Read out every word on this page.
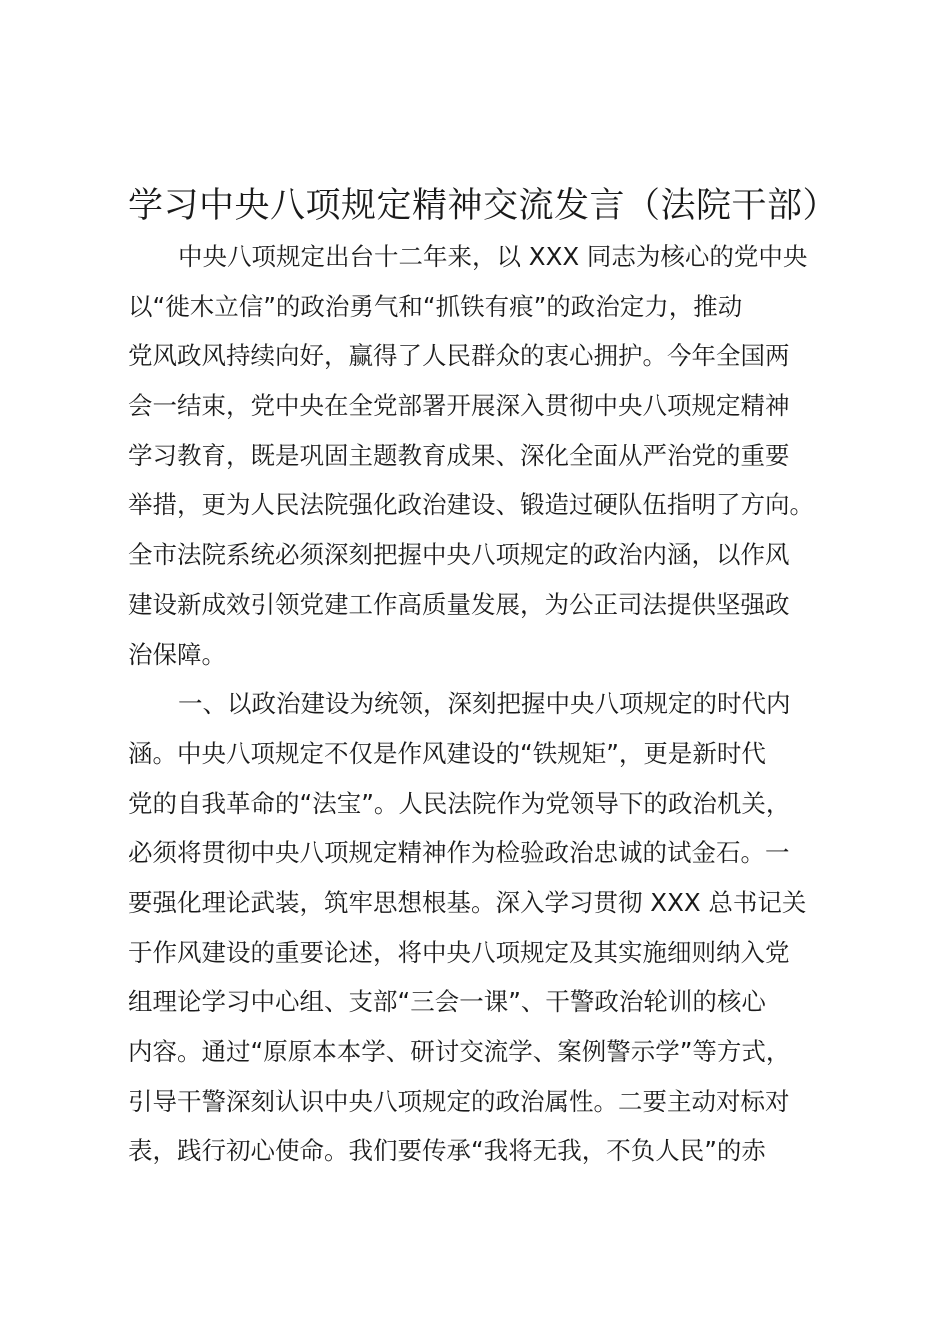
学习中央八项规定精神交流发言（法院干部）
中央八项规定出台十二年来，以 XXX 同志为核心的党中央
以“徙木立信”的政治勇气和“抓铁有痕”的政治定力，推动
党风政风持续向好，赢得了人民群众的衷心拥护。今年全国两
会一结束，党中央在全党部署开展深入贯彻中央八项规定精神
学习教育，既是巩固主题教育成果、深化全面从严治党的重要
举措，更为人民法院强化政治建设、锻造过硬队伍指明了方向。
全市法院系统必须深刻把握中央八项规定的政治内涵，以作风
建设新成效引领党建工作高质量发展，为公正司法提供坚强政
治保障。
一、以政治建设为统领，深刻把握中央八项规定的时代内
涵。中央八项规定不仅是作风建设的“铁规矩”，更是新时代
党的自我革命的“法宝”。人民法院作为党领导下的政治机关，
必须将贯彻中央八项规定精神作为检验政治忠诚的试金石。一
要强化理论武装，筑牢思想根基。深入学习贯彻 XXX 总书记关
于作风建设的重要论述，将中央八项规定及其实施细则纳入党
组理论学习中心组、支部“三会一课”、干警政治轮训的核心
内容。通过“原原本本学、研讨交流学、案例警示学”等方式，
引导干警深刻认识中央八项规定的政治属性。二要主动对标对
表，践行初心使命。我们要传承“我将无我，不负人民”的赤
